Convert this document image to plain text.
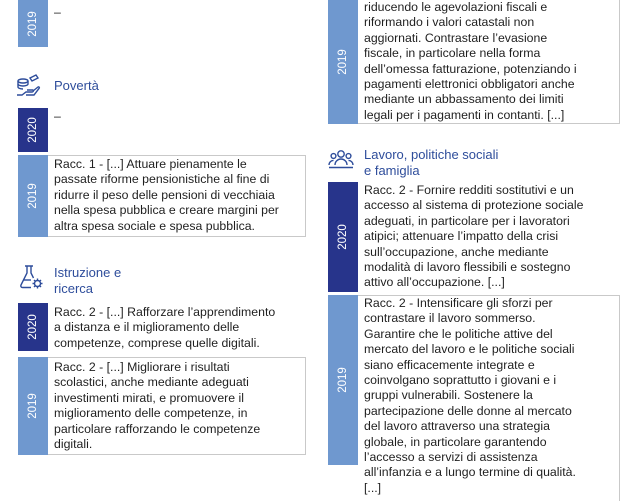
2019 –
Povertà
2020
–
2019
Racc. 1 - [...] Attuare pienamente le
passate riforme pensionistiche al fine di
ridurre il peso delle pensioni di vecchiaia
nella spesa pubblica e creare margini per
altra spesa sociale e spesa pubblica.
Istruzione e
ricerca
2020
Racc. 2 - [...] Rafforzare l’apprendimento
a distanza e il miglioramento delle
competenze, comprese quelle digitali.
2019
Racc. 2 - [...] Migliorare i risultati
scolastici, anche mediante adeguati
investimenti mirati, e promuovere il
miglioramento delle competenze, in
particolare rafforzando le competenze
digitali.
2019
riducendo le agevolazioni fiscali e
riformando i valori catastali non
aggiornati. Contrastare l’evasione
fiscale, in particolare nella forma
dell’omessa fatturazione, potenziando i
pagamenti elettronici obbligatori anche
mediante un abbassamento dei limiti
legali per i pagamenti in contanti. [...]
Lavoro, politiche sociali
e famiglia
2020
Racc. 2 - Fornire redditi sostitutivi e un
accesso al sistema di protezione sociale
adeguati, in particolare per i lavoratori
atipici; attenuare l’impatto della crisi
sull’occupazione, anche mediante
modalità di lavoro flessibili e sostegno
attivo all’occupazione. [...]
2019
Racc. 2 - Intensificare gli sforzi per
contrastare il lavoro sommerso.
Garantire che le politiche attive del
mercato del lavoro e le politiche sociali
siano efficacemente integrate e
coinvolgano soprattutto i giovani e i
gruppi vulnerabili. Sostenere la
partecipazione delle donne al mercato
del lavoro attraverso una strategia
globale, in particolare garantendo
l’accesso a servizi di assistenza
all’infanzia e a lungo termine di qualità.
[...]
